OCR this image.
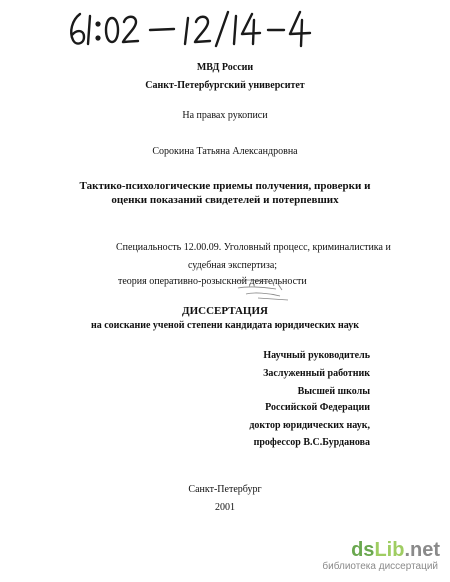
МВД России
Санкт-Петербургский университет
На правах рукописи
Сорокина Татьяна Александровна
Тактико-психологические приемы получения, проверки и
оценки показаний свидетелей и потерпевших
Специальность 12.00.09. Уголовный процесс, криминалистика и
судебная экспертиза;
теория оперативно-розыскной деятельности
ДИССЕРТАЦИЯ
на соискание ученой степени кандидата юридических наук
Научный руководитель
Заслуженный работник
Высшей школы
Российской Федерации
доктор юридических наук,
профессор В.С.Бурданова
Санкт-Петербург
2001
dsLib.net
библиотека диссертаций
